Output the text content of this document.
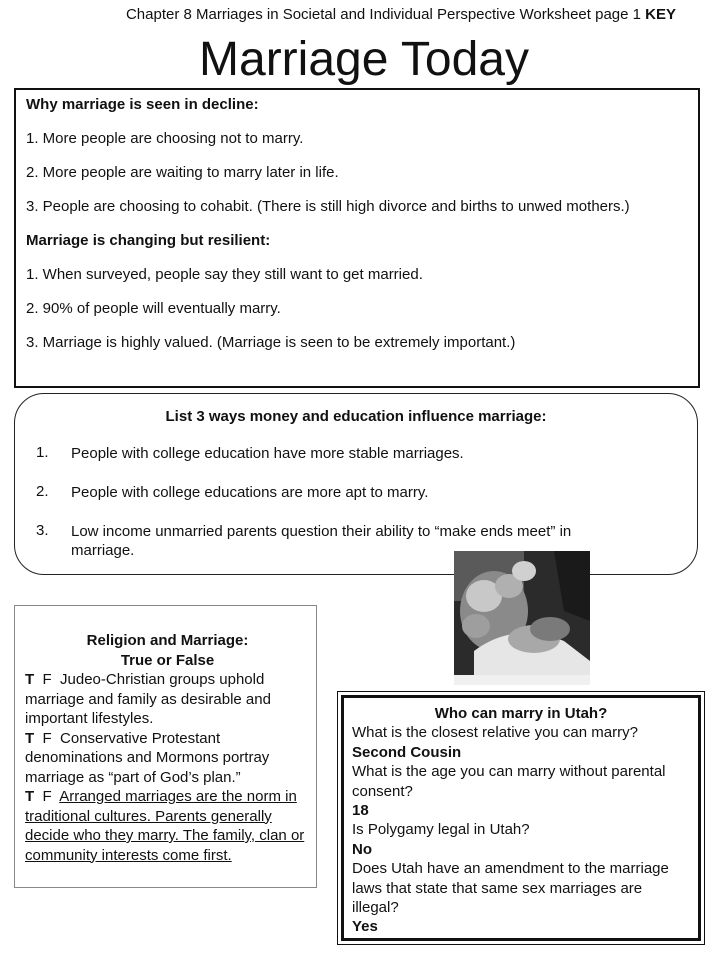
Chapter 8 Marriages in Societal and Individual Perspective Worksheet page 1 KEY
Marriage Today
Why marriage is seen in decline:
1. More people are choosing not to marry.
2. More people are waiting to marry later in life.
3. People are choosing to cohabit. (There is still high divorce and births to unwed mothers.)
Marriage is changing but resilient:
1. When surveyed, people say they still want to get married.
2. 90% of people will eventually marry.
3. Marriage is highly valued. (Marriage is seen to be extremely important.)
List 3 ways money and education influence marriage:
1.	People with college education have more stable marriages.
2.	People with college educations are more apt to marry.
3.	Low income unmarried parents question their ability to “make ends meet” in marriage.
Religion and Marriage:
True or False
T F Judeo-Christian groups uphold marriage and family as desirable and important lifestyles.
T F Conservative Protestant denominations and Mormons portray marriage as “part of God’s plan.”
T F Arranged marriages are the norm in traditional cultures. Parents generally decide who they marry. The family, clan or community interests come first.
Who can marry in Utah?
What is the closest relative you can marry?
Second Cousin
What is the age you can marry without parental consent?
18
Is Polygamy legal in Utah?
No
Does Utah have an amendment to the marriage laws that state that same sex marriages are illegal?
Yes
